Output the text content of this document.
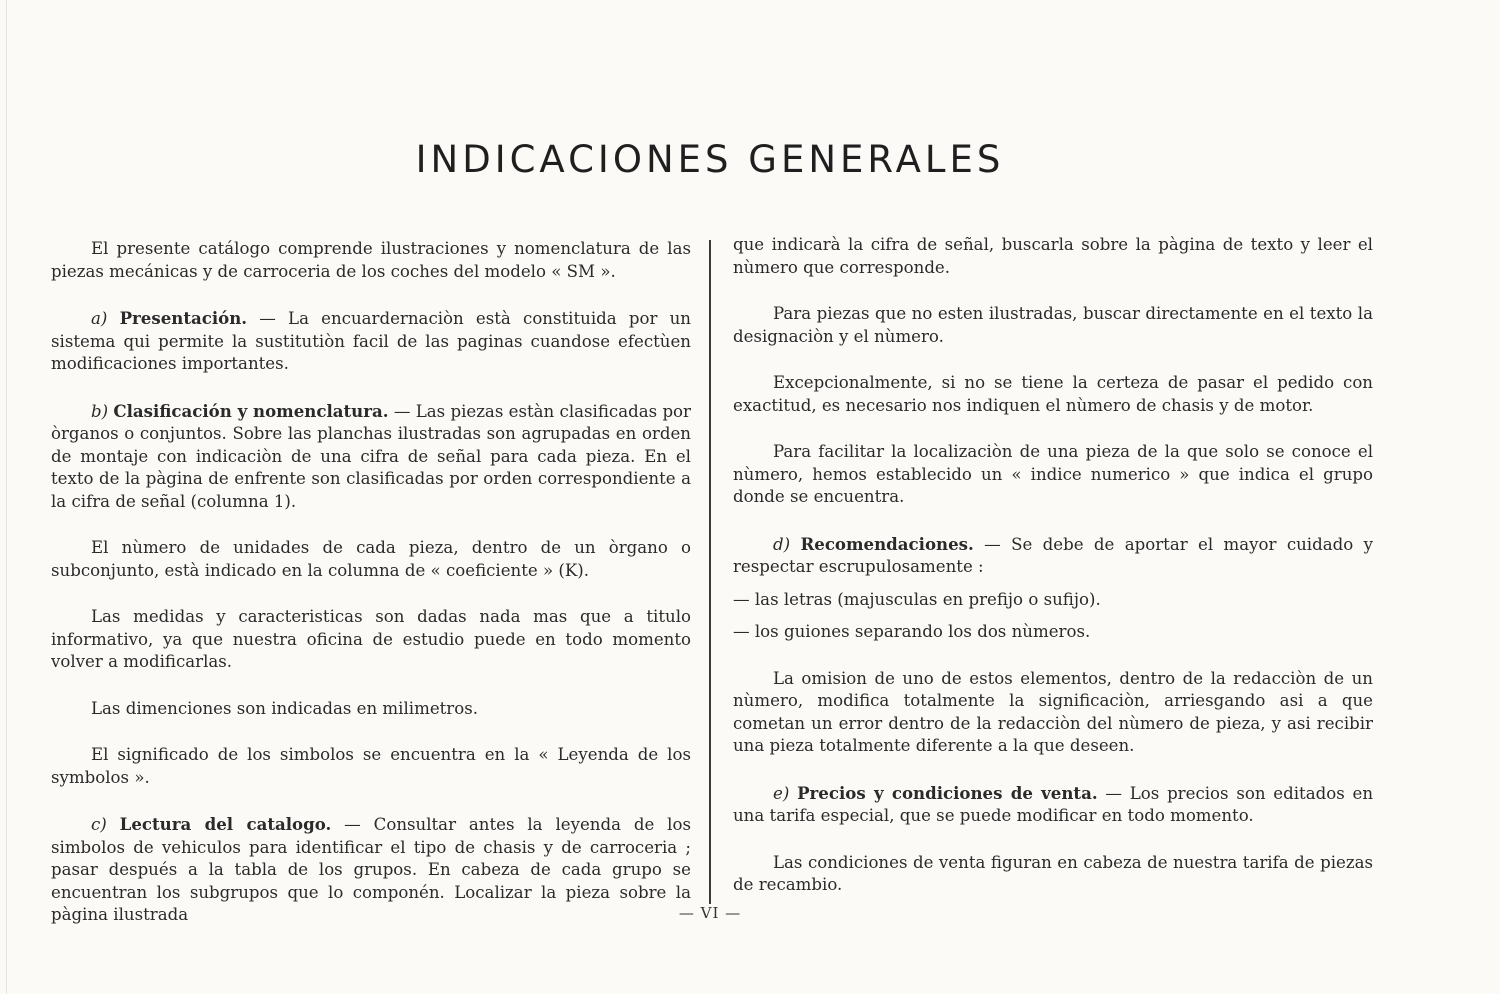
INDICACIONES GENERALES

El presente catálogo comprende ilustraciones y nomenclatura de las piezas mecánicas y de carroceria de los coches del modelo « SM ».

a) Presentación. — La encuardernaciòn està constituida por un sistema qui permite la sustitutiòn facil de las paginas cuandose efectùen modificaciones importantes.

b) Clasificación y nomenclatura. — Las piezas estàn clasificadas por òrganos o conjuntos. Sobre las planchas ilustradas son agrupadas en orden de montaje con indicaciòn de una cifra de señal para cada pieza. En el texto de la pàgina de enfrente son clasificadas por orden correspondiente a la cifra de señal (columna 1).

El nùmero de unidades de cada pieza, dentro de un òrgano o subconjunto, està indicado en la columna de « coeficiente » (K).

Las medidas y caracteristicas son dadas nada mas que a titulo informativo, ya que nuestra oficina de estudio puede en todo momento volver a modificarlas.

Las dimenciones son indicadas en milimetros.

El significado de los simbolos se encuentra en la « Leyenda de los symbolos ».

c) Lectura del catalogo. — Consultar antes la leyenda de los simbolos de vehiculos para identificar el tipo de chasis y de carroceria ; pasar después a la tabla de los grupos. En cabeza de cada grupo se encuentran los subgrupos que lo componén. Localizar la pieza sobre la pàgina ilustrada

que indicarà la cifra de señal, buscarla sobre la pàgina de texto y leer el nùmero que corresponde.

Para piezas que no esten ilustradas, buscar directamente en el texto la designaciòn y el nùmero.

Excepcionalmente, si no se tiene la certeza de pasar el pedido con exactitud, es necesario nos indiquen el nùmero de chasis y de motor.

Para facilitar la localizaciòn de una pieza de la que solo se conoce el nùmero, hemos establecido un « indice numerico » que indica el grupo donde se encuentra.

d) Recomendaciones. — Se debe de aportar el mayor cuidado y respectar escrupulosamente :

— las letras (majusculas en prefijo o sufijo).

— los guiones separando los dos nùmeros.

La omision de uno de estos elementos, dentro de la redacciòn de un nùmero, modifica totalmente la significaciòn, arriesgando asi a que cometan un error dentro de la redacciòn del nùmero de pieza, y asi recibir una pieza totalmente diferente a la que deseen.

e) Precios y condiciones de venta. — Los precios son editados en una tarifa especial, que se puede modificar en todo momento.

Las condiciones de venta figuran en cabeza de nuestra tarifa de piezas de recambio.

— VI —
